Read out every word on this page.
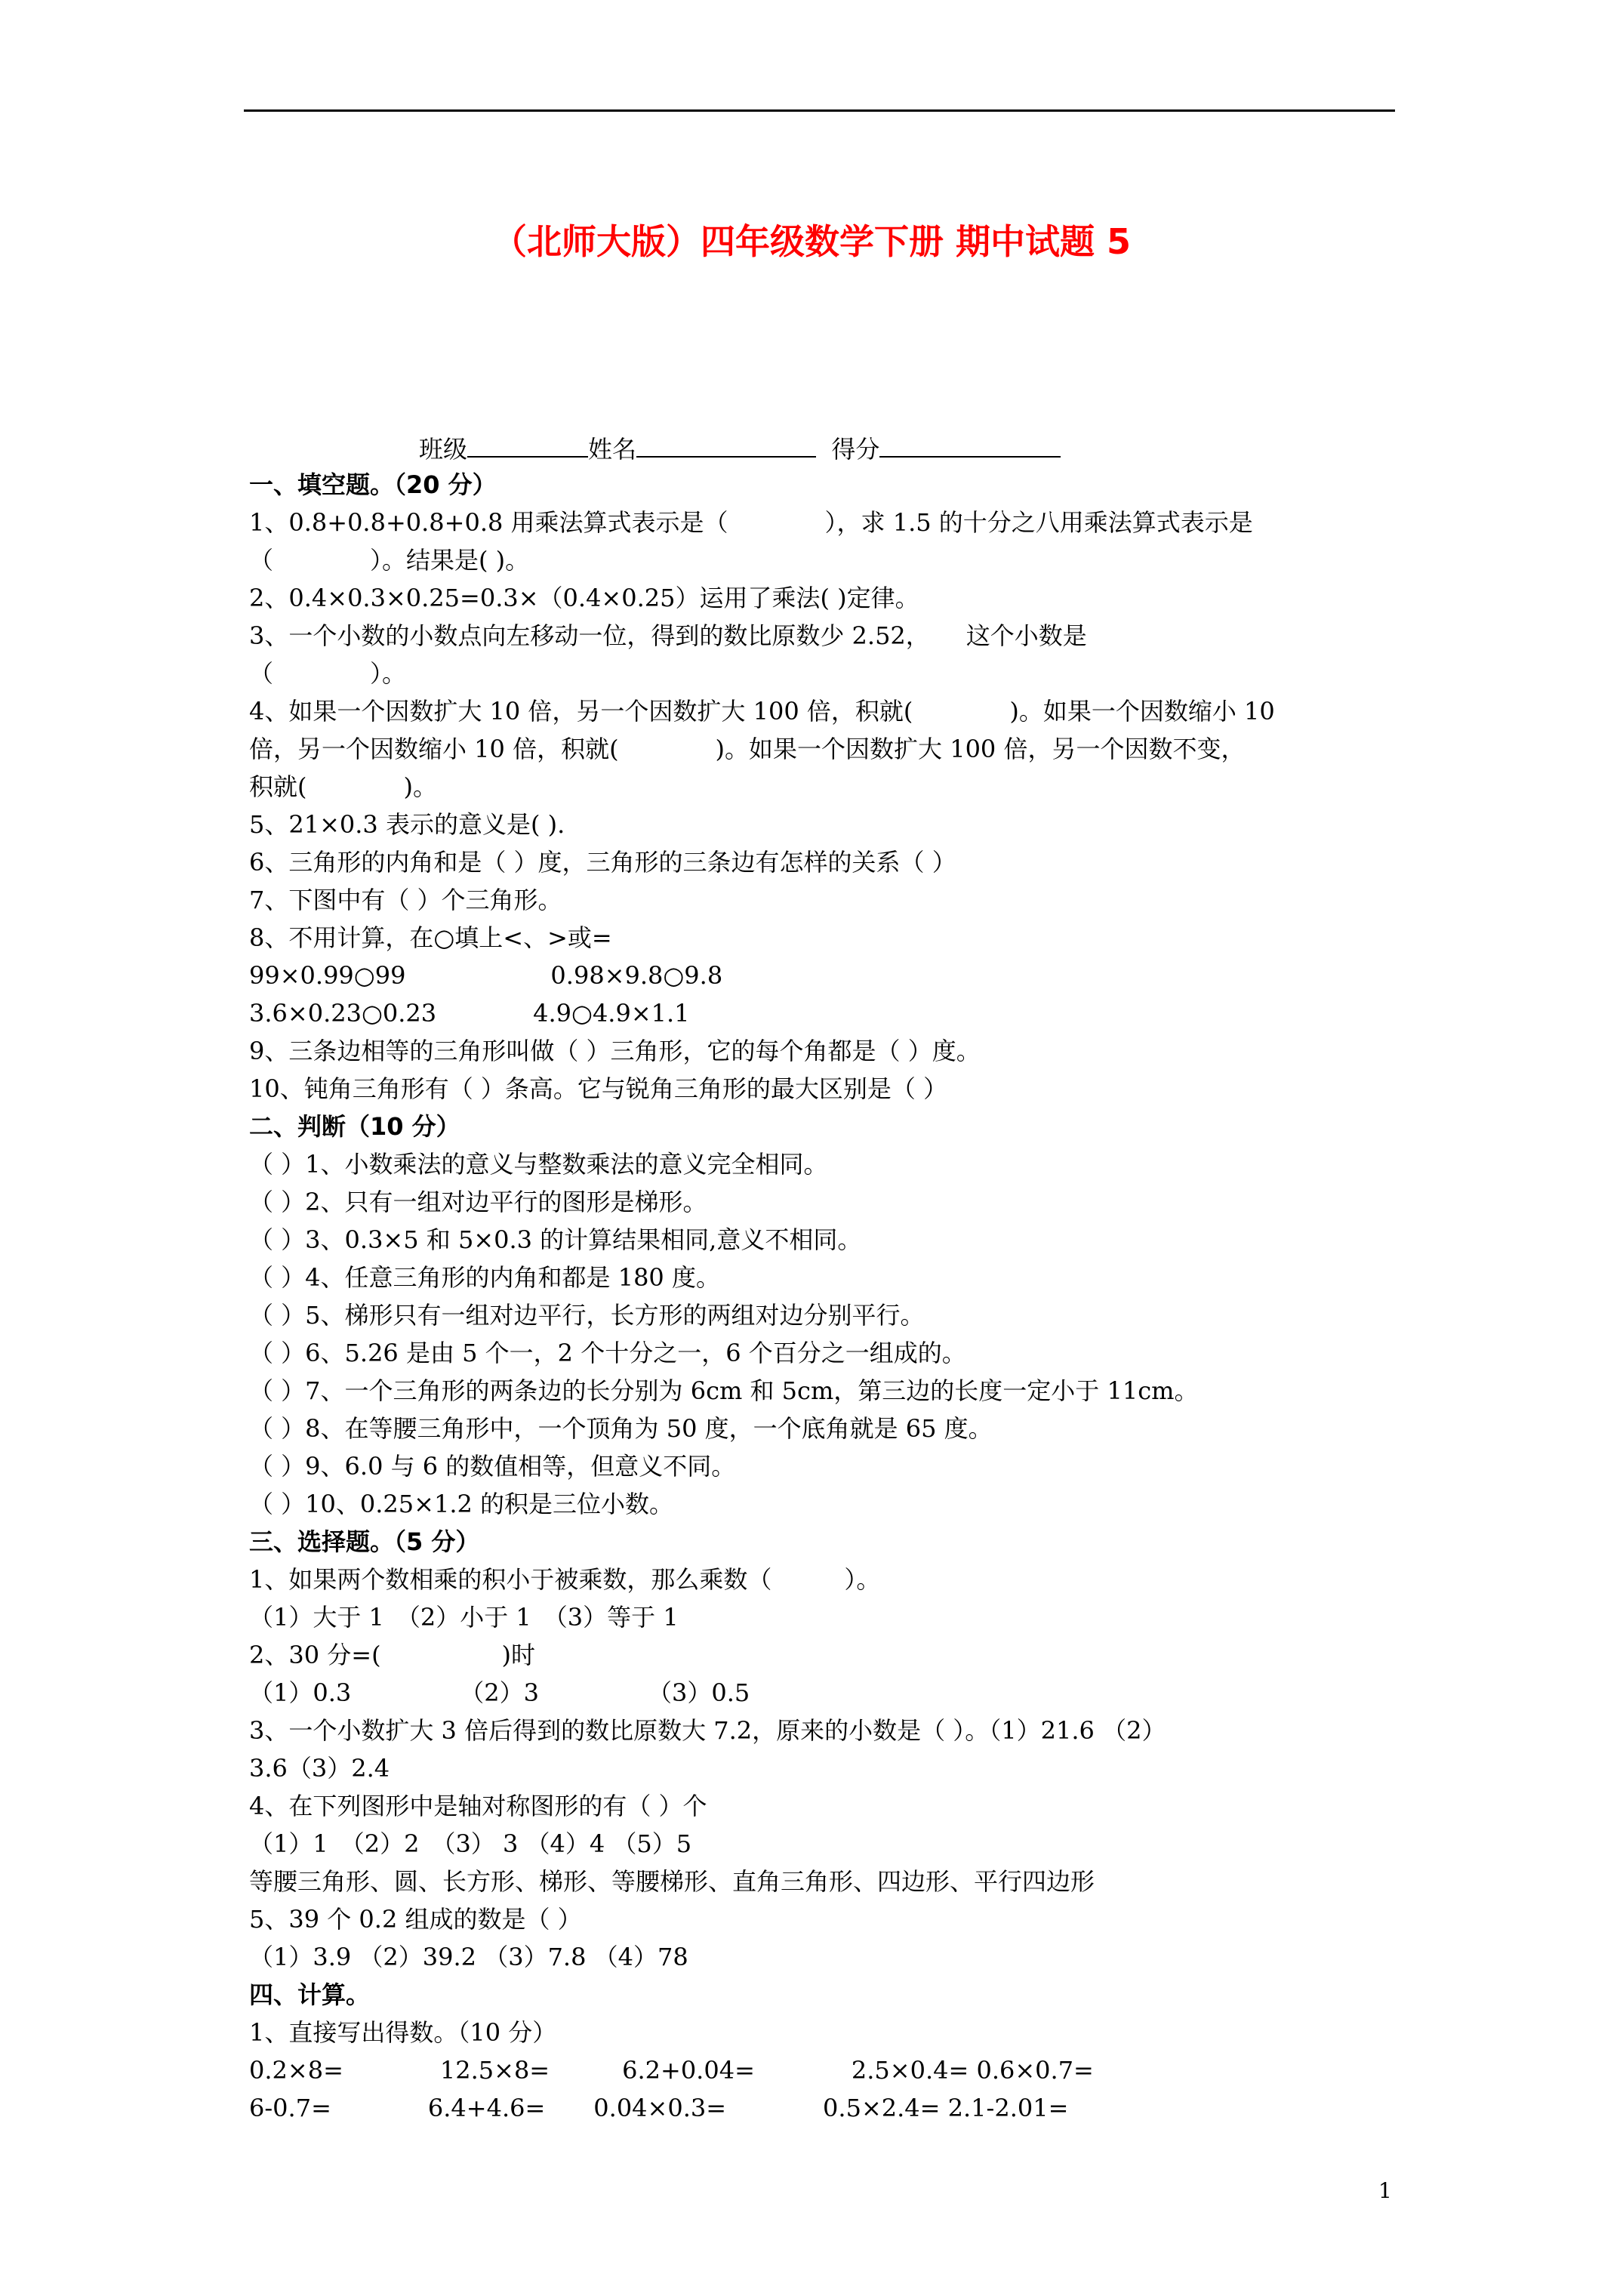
（北师大版）四年级数学下册 期中试题 5
班级	姓名	得分
一、填空题。（20 分）
1、0.8+0.8+0.8+0.8 用乘法算式表示是（　　　　），求 1.5 的十分之八用乘法算式表示是
（　　　　）。结果是( )。
2、0.4×0.3×0.25=0.3×（0.4×0.25）运用了乘法( )定律。
3、一个小数的小数点向左移动一位，得到的数比原数少 2.52，　　这个小数是
（　　　　）。
4、如果一个因数扩大 10 倍，另一个因数扩大 100 倍，积就(　　　　)。如果一个因数缩小 10
倍，另一个因数缩小 10 倍，积就(　　　　)。如果一个因数扩大 100 倍，另一个因数不变，
积就(　　　　)。
5、21×0.3 表示的意义是( ).
6、三角形的内角和是（ ）度，三角形的三条边有怎样的关系（ ）
7、下图中有（ ）个三角形。
8、不用计算，在○填上<、>或=
99×0.99○99　　　　　　0.98×9.8○9.8
3.6×0.23○0.23　　　　4.9○4.9×1.1
9、三条边相等的三角形叫做（ ）三角形，它的每个角都是（ ）度。
10、钝角三角形有（ ）条高。它与锐角三角形的最大区别是（ ）
二、判断（10 分）
（ ）1、小数乘法的意义与整数乘法的意义完全相同。
（ ）2、只有一组对边平行的图形是梯形。
（ ）3、0.3×5 和 5×0.3 的计算结果相同,意义不相同。
（ ）4、任意三角形的内角和都是 180 度。
（ ）5、梯形只有一组对边平行，长方形的两组对边分别平行。
（ ）6、5.26 是由 5 个一，2 个十分之一，6 个百分之一组成的。
（ ）7、一个三角形的两条边的长分别为 6cm 和 5cm，第三边的长度一定小于 11cm。
（ ）8、在等腰三角形中，一个顶角为 50 度，一个底角就是 65 度。
（ ）9、6.0 与 6 的数值相等，但意义不同。
（ ）10、0.25×1.2 的积是三位小数。
三、选择题。（5 分）
1、如果两个数相乘的积小于被乘数，那么乘数（　　　）。
（1）大于 1　（2）小于 1　（3）等于 1
2、30 分=(　　　　　)时
（1）0.3　　　　　（2）3　　　　　（3）0.5
3、一个小数扩大 3 倍后得到的数比原数大 7.2，原来的小数是（ ）。（1）21.6 （2）
3.6（3）2.4
4、在下列图形中是轴对称图形的有（ ）个
（1）1　（2）2　（3） 3 （4）4 （5）5
等腰三角形、圆、长方形、梯形、等腰梯形、直角三角形、四边形、平行四边形
5、39 个 0.2 组成的数是（ ）
（1）3.9 （2）39.2 （3）7.8 （4）78
四、计算。
1、直接写出得数。（10 分）
0.2×8=　　　　12.5×8=　　　6.2+0.04=　　　　2.5×0.4= 0.6×0.7=
6-0.7=　　　　6.4+4.6=　　0.04×0.3=　　　　0.5×2.4= 2.1-2.01=
1
